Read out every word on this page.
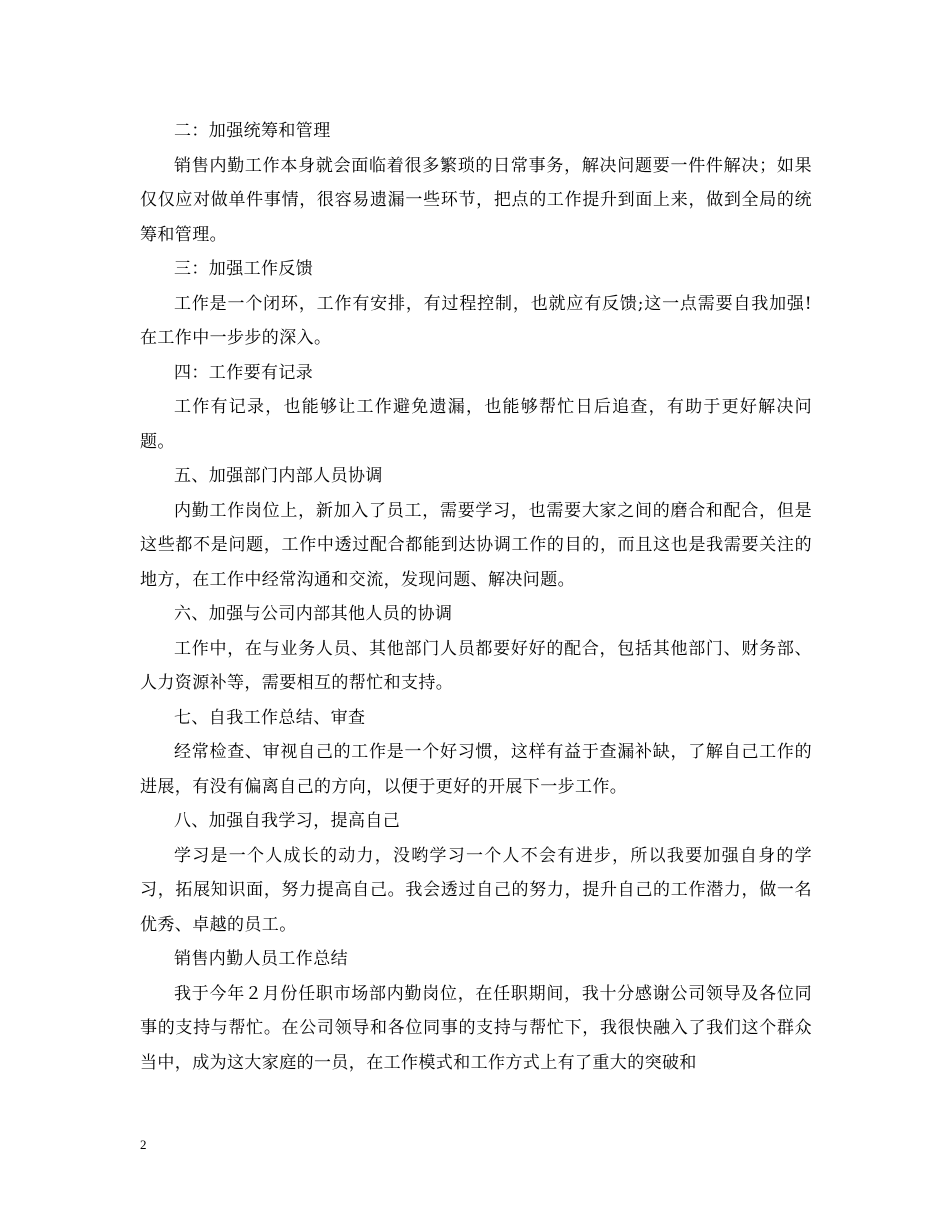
二：加强统筹和管理

销售内勤工作本身就会面临着很多繁琐的日常事务，解决问题要一件件解决；如果仅仅应对做单件事情，很容易遗漏一些环节，把点的工作提升到面上来，做到全局的统筹和管理。

三：加强工作反馈

工作是一个闭环，工作有安排，有过程控制，也就应有反馈;这一点需要自我加强!在工作中一步步的深入。

四：工作要有记录

工作有记录，也能够让工作避免遗漏，也能够帮忙日后追查，有助于更好解决问题。

五、加强部门内部人员协调

内勤工作岗位上，新加入了员工，需要学习，也需要大家之间的磨合和配合，但是这些都不是问题，工作中透过配合都能到达协调工作的目的，而且这也是我需要关注的地方，在工作中经常沟通和交流，发现问题、解决问题。

六、加强与公司内部其他人员的协调

工作中，在与业务人员、其他部门人员都要好好的配合，包括其他部门、财务部、人力资源补等，需要相互的帮忙和支持。

七、自我工作总结、审查

经常检查、审视自己的工作是一个好习惯，这样有益于查漏补缺，了解自己工作的进展，有没有偏离自己的方向，以便于更好的开展下一步工作。

八、加强自我学习，提高自己

学习是一个人成长的动力，没哟学习一个人不会有进步，所以我要加强自身的学习，拓展知识面，努力提高自己。我会透过自己的努力，提升自己的工作潜力，做一名优秀、卓越的员工。

销售内勤人员工作总结

我于今年２月份任职市场部内勤岗位，在任职期间，我十分感谢公司领导及各位同事的支持与帮忙。在公司领导和各位同事的支持与帮忙下，我很快融入了我们这个群众当中，成为这大家庭的一员，在工作模式和工作方式上有了重大的突破和

2
